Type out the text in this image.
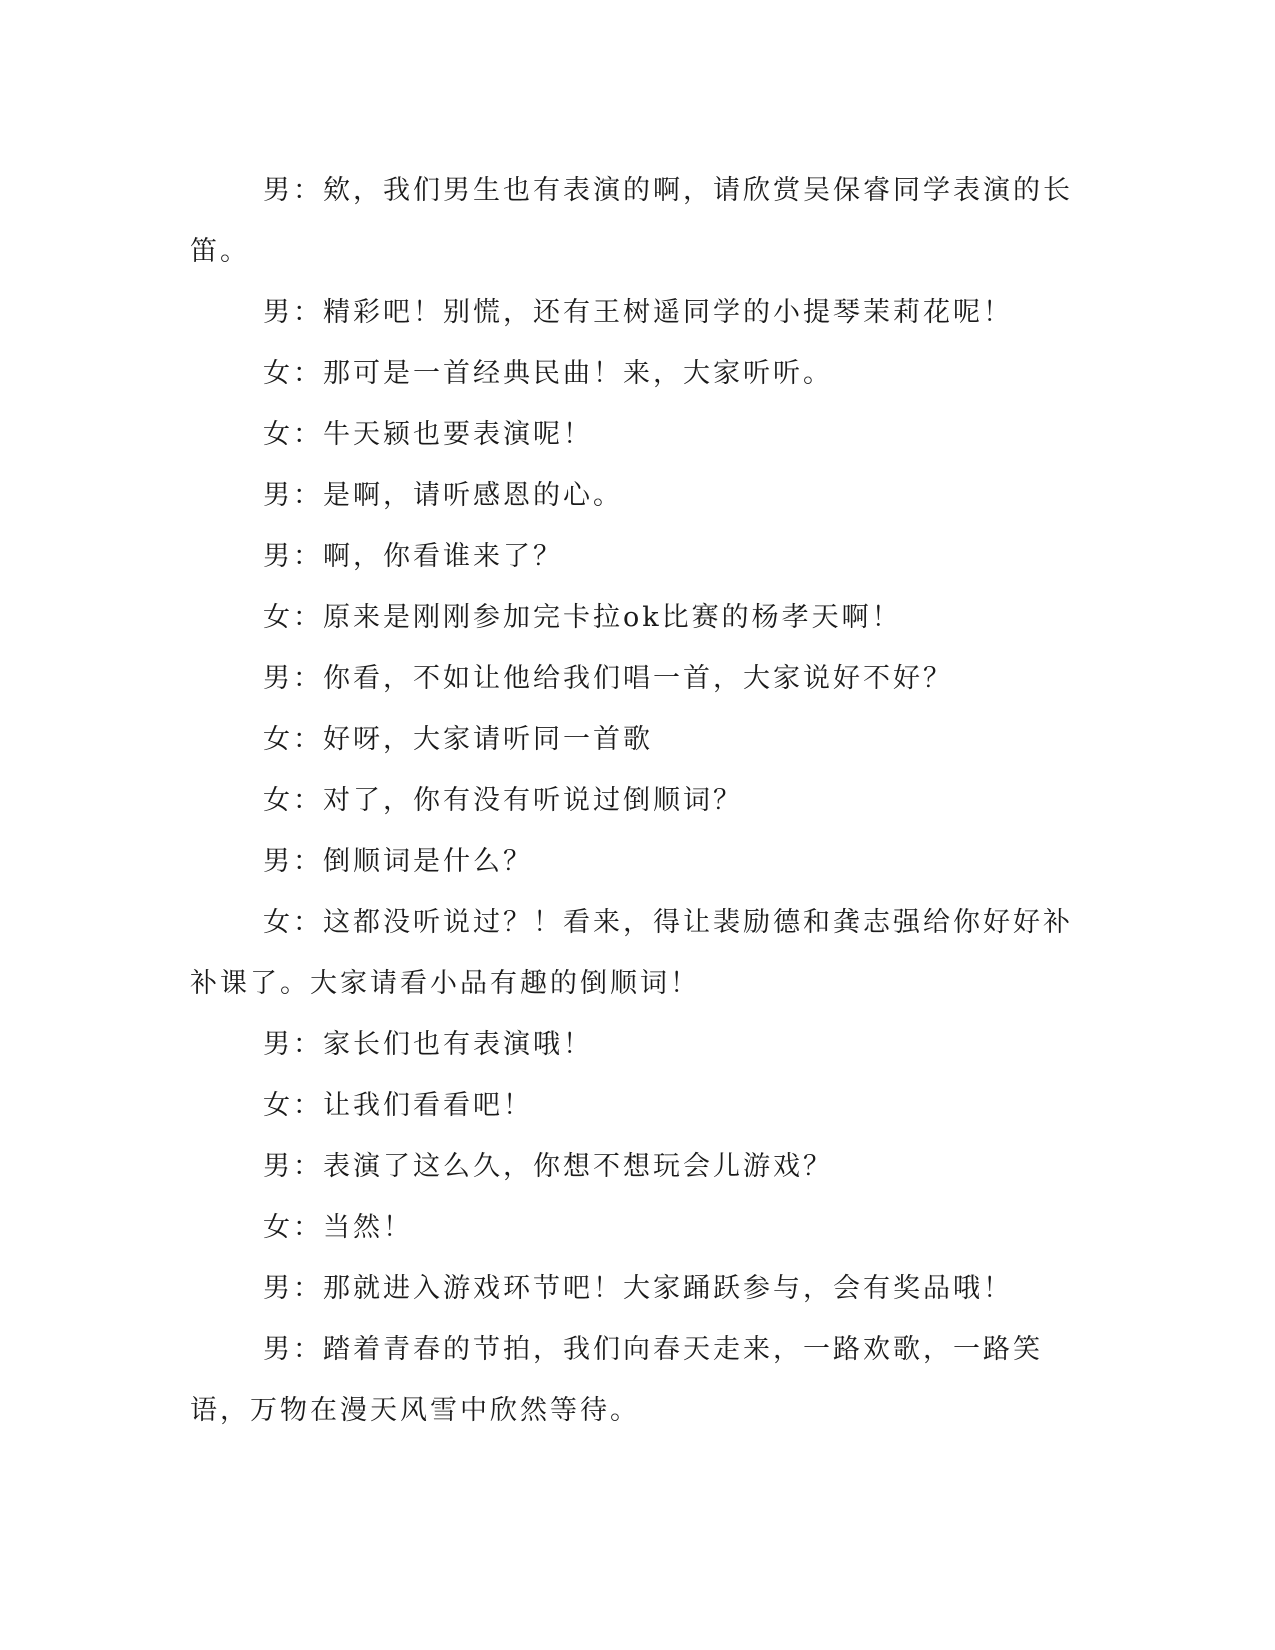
男：欸，我们男生也有表演的啊，请欣赏吴保睿同学表演的长笛。

男：精彩吧！别慌，还有王树遥同学的小提琴茉莉花呢！

女：那可是一首经典民曲！来，大家听听。

女：牛天颍也要表演呢！

男：是啊，请听感恩的心。

男：啊，你看谁来了？

女：原来是刚刚参加完卡拉ok比赛的杨孝天啊！

男：你看，不如让他给我们唱一首，大家说好不好？

女：好呀，大家请听同一首歌

女：对了，你有没有听说过倒顺词？

男：倒顺词是什么？

女：这都没听说过？！看来，得让裴励德和龚志强给你好好补补课了。大家请看小品有趣的倒顺词！

男：家长们也有表演哦！

女：让我们看看吧！

男：表演了这么久，你想不想玩会儿游戏？

女：当然！

男：那就进入游戏环节吧！大家踊跃参与，会有奖品哦！

男：踏着青春的节拍，我们向春天走来，一路欢歌，一路笑语，万物在漫天风雪中欣然等待。
